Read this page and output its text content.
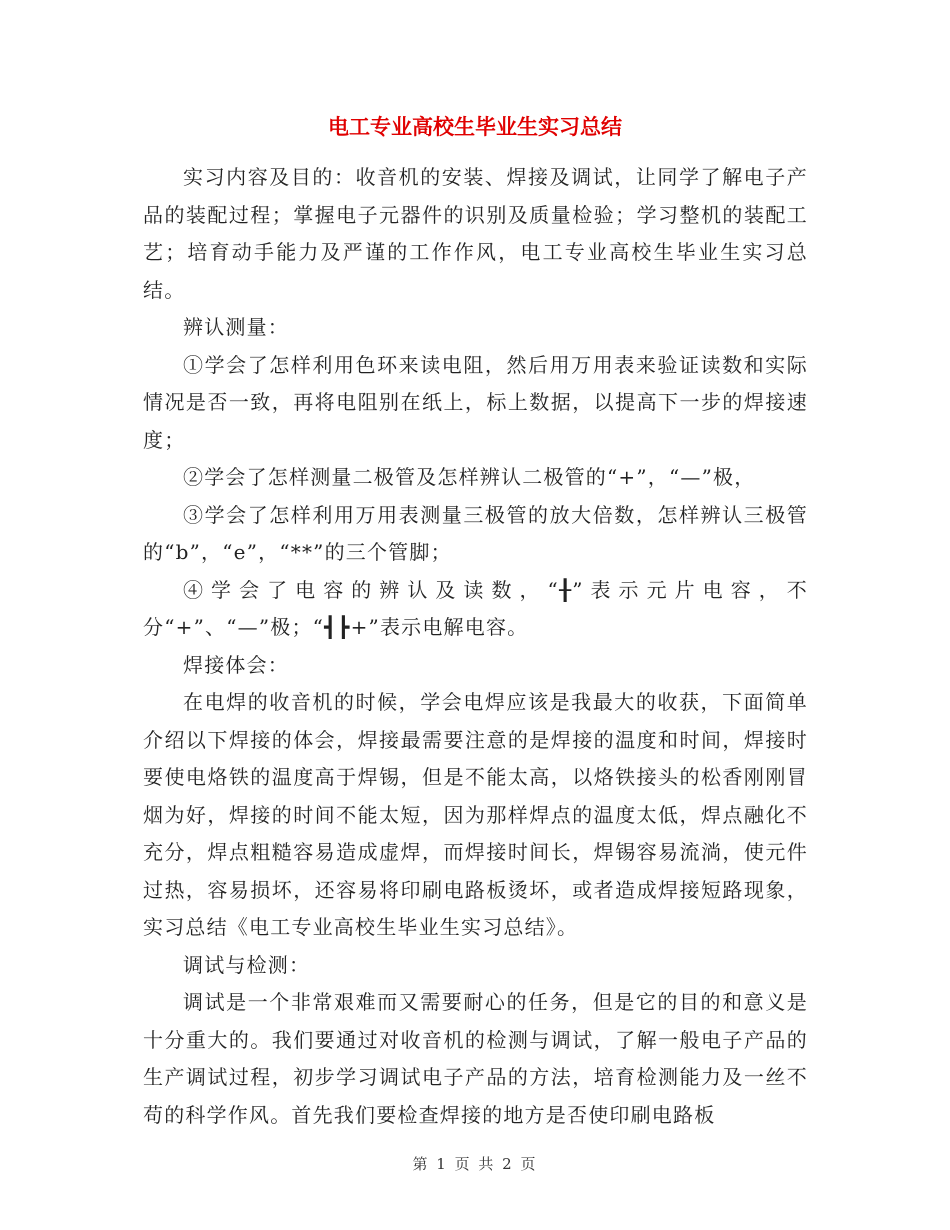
电工专业高校生毕业生实习总结

实习内容及目的：收音机的安装、焊接及调试，让同学了解电子产品的装配过程；掌握电子元器件的识别及质量检验；学习整机的装配工艺；培育动手能力及严谨的工作作风，电工专业高校生毕业生实习总结。

辨认测量：

①学会了怎样利用色环来读电阻，然后用万用表来验证读数和实际情况是否一致，再将电阻别在纸上，标上数据，以提高下一步的焊接速度；

②学会了怎样测量二极管及怎样辨认二极管的“+”，“—”极，

③学会了怎样利用万用表测量三极管的放大倍数，怎样辨认三极管的“b”，“e”，“**”的三个管脚；

④学会了电容的辨认及读数，“╂”表示元片电容，不分“+”、“—”极；“┫┣+”表示电解电容。

焊接体会：

在电焊的收音机的时候，学会电焊应该是我最大的收获，下面简单介绍以下焊接的体会，焊接最需要注意的是焊接的温度和时间，焊接时要使电烙铁的温度高于焊锡，但是不能太高，以烙铁接头的松香刚刚冒烟为好，焊接的时间不能太短，因为那样焊点的温度太低，焊点融化不充分，焊点粗糙容易造成虚焊，而焊接时间长，焊锡容易流淌，使元件过热，容易损坏，还容易将印刷电路板烫坏，或者造成焊接短路现象，实习总结《电工专业高校生毕业生实习总结》。

调试与检测：

调试是一个非常艰难而又需要耐心的任务，但是它的目的和意义是十分重大的。我们要通过对收音机的检测与调试，了解一般电子产品的生产调试过程，初步学习调试电子产品的方法，培育检测能力及一丝不苟的科学作风。首先我们要检查焊接的地方是否使印刷电路板

第 1 页 共 2 页
